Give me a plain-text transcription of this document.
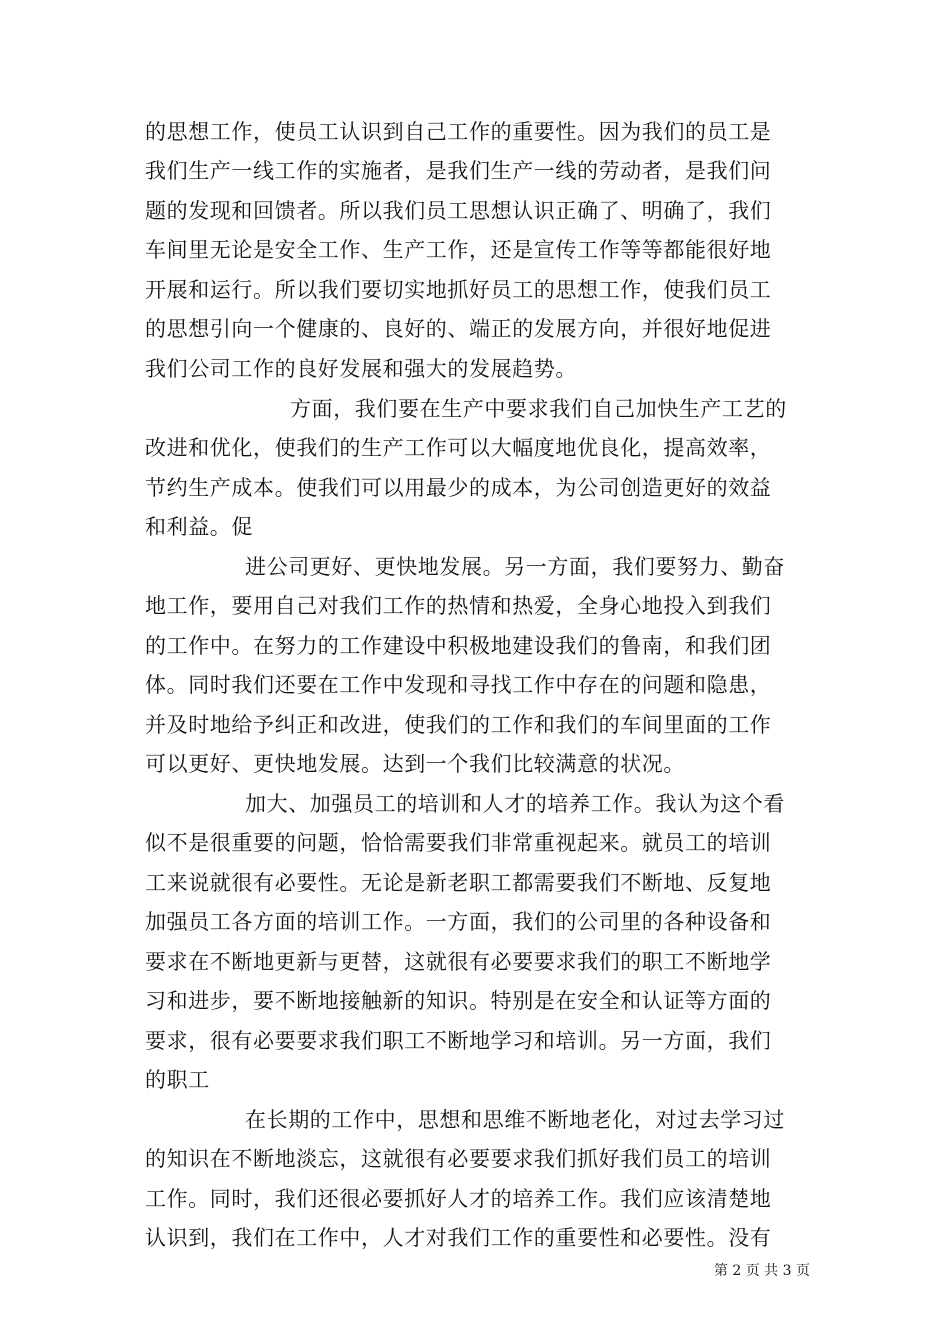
的思想工作，使员工认识到自己工作的重要性。因为我们的员工是
我们生产一线工作的实施者，是我们生产一线的劳动者，是我们问
题的发现和回馈者。所以我们员工思想认识正确了、明确了，我们
车间里无论是安全工作、生产工作，还是宣传工作等等都能很好地
开展和运行。所以我们要切实地抓好员工的思想工作，使我们员工
的思想引向一个健康的、良好的、端正的发展方向，并很好地促进
我们公司工作的良好发展和强大的发展趋势。
方面，我们要在生产中要求我们自己加快生产工艺的
改进和优化，使我们的生产工作可以大幅度地优良化，提高效率，
节约生产成本。使我们可以用最少的成本，为公司创造更好的效益
和利益。促
进公司更好、更快地发展。另一方面，我们要努力、勤奋
地工作，要用自己对我们工作的热情和热爱，全身心地投入到我们
的工作中。在努力的工作建设中积极地建设我们的鲁南，和我们团
体。同时我们还要在工作中发现和寻找工作中存在的问题和隐患，
并及时地给予纠正和改进，使我们的工作和我们的车间里面的工作
可以更好、更快地发展。达到一个我们比较满意的状况。
加大、加强员工的培训和人才的培养工作。我认为这个看
似不是很重要的问题，恰恰需要我们非常重视起来。就员工的培训
工来说就很有必要性。无论是新老职工都需要我们不断地、反复地
加强员工各方面的培训工作。一方面，我们的公司里的各种设备和
要求在不断地更新与更替，这就很有必要要求我们的职工不断地学
习和进步，要不断地接触新的知识。特别是在安全和认证等方面的
要求，很有必要要求我们职工不断地学习和培训。另一方面，我们
的职工
在长期的工作中，思想和思维不断地老化，对过去学习过
的知识在不断地淡忘，这就很有必要要求我们抓好我们员工的培训
工作。同时，我们还很必要抓好人才的培养工作。我们应该清楚地
认识到，我们在工作中，人才对我们工作的重要性和必要性。没有
第 2 页 共 3 页
